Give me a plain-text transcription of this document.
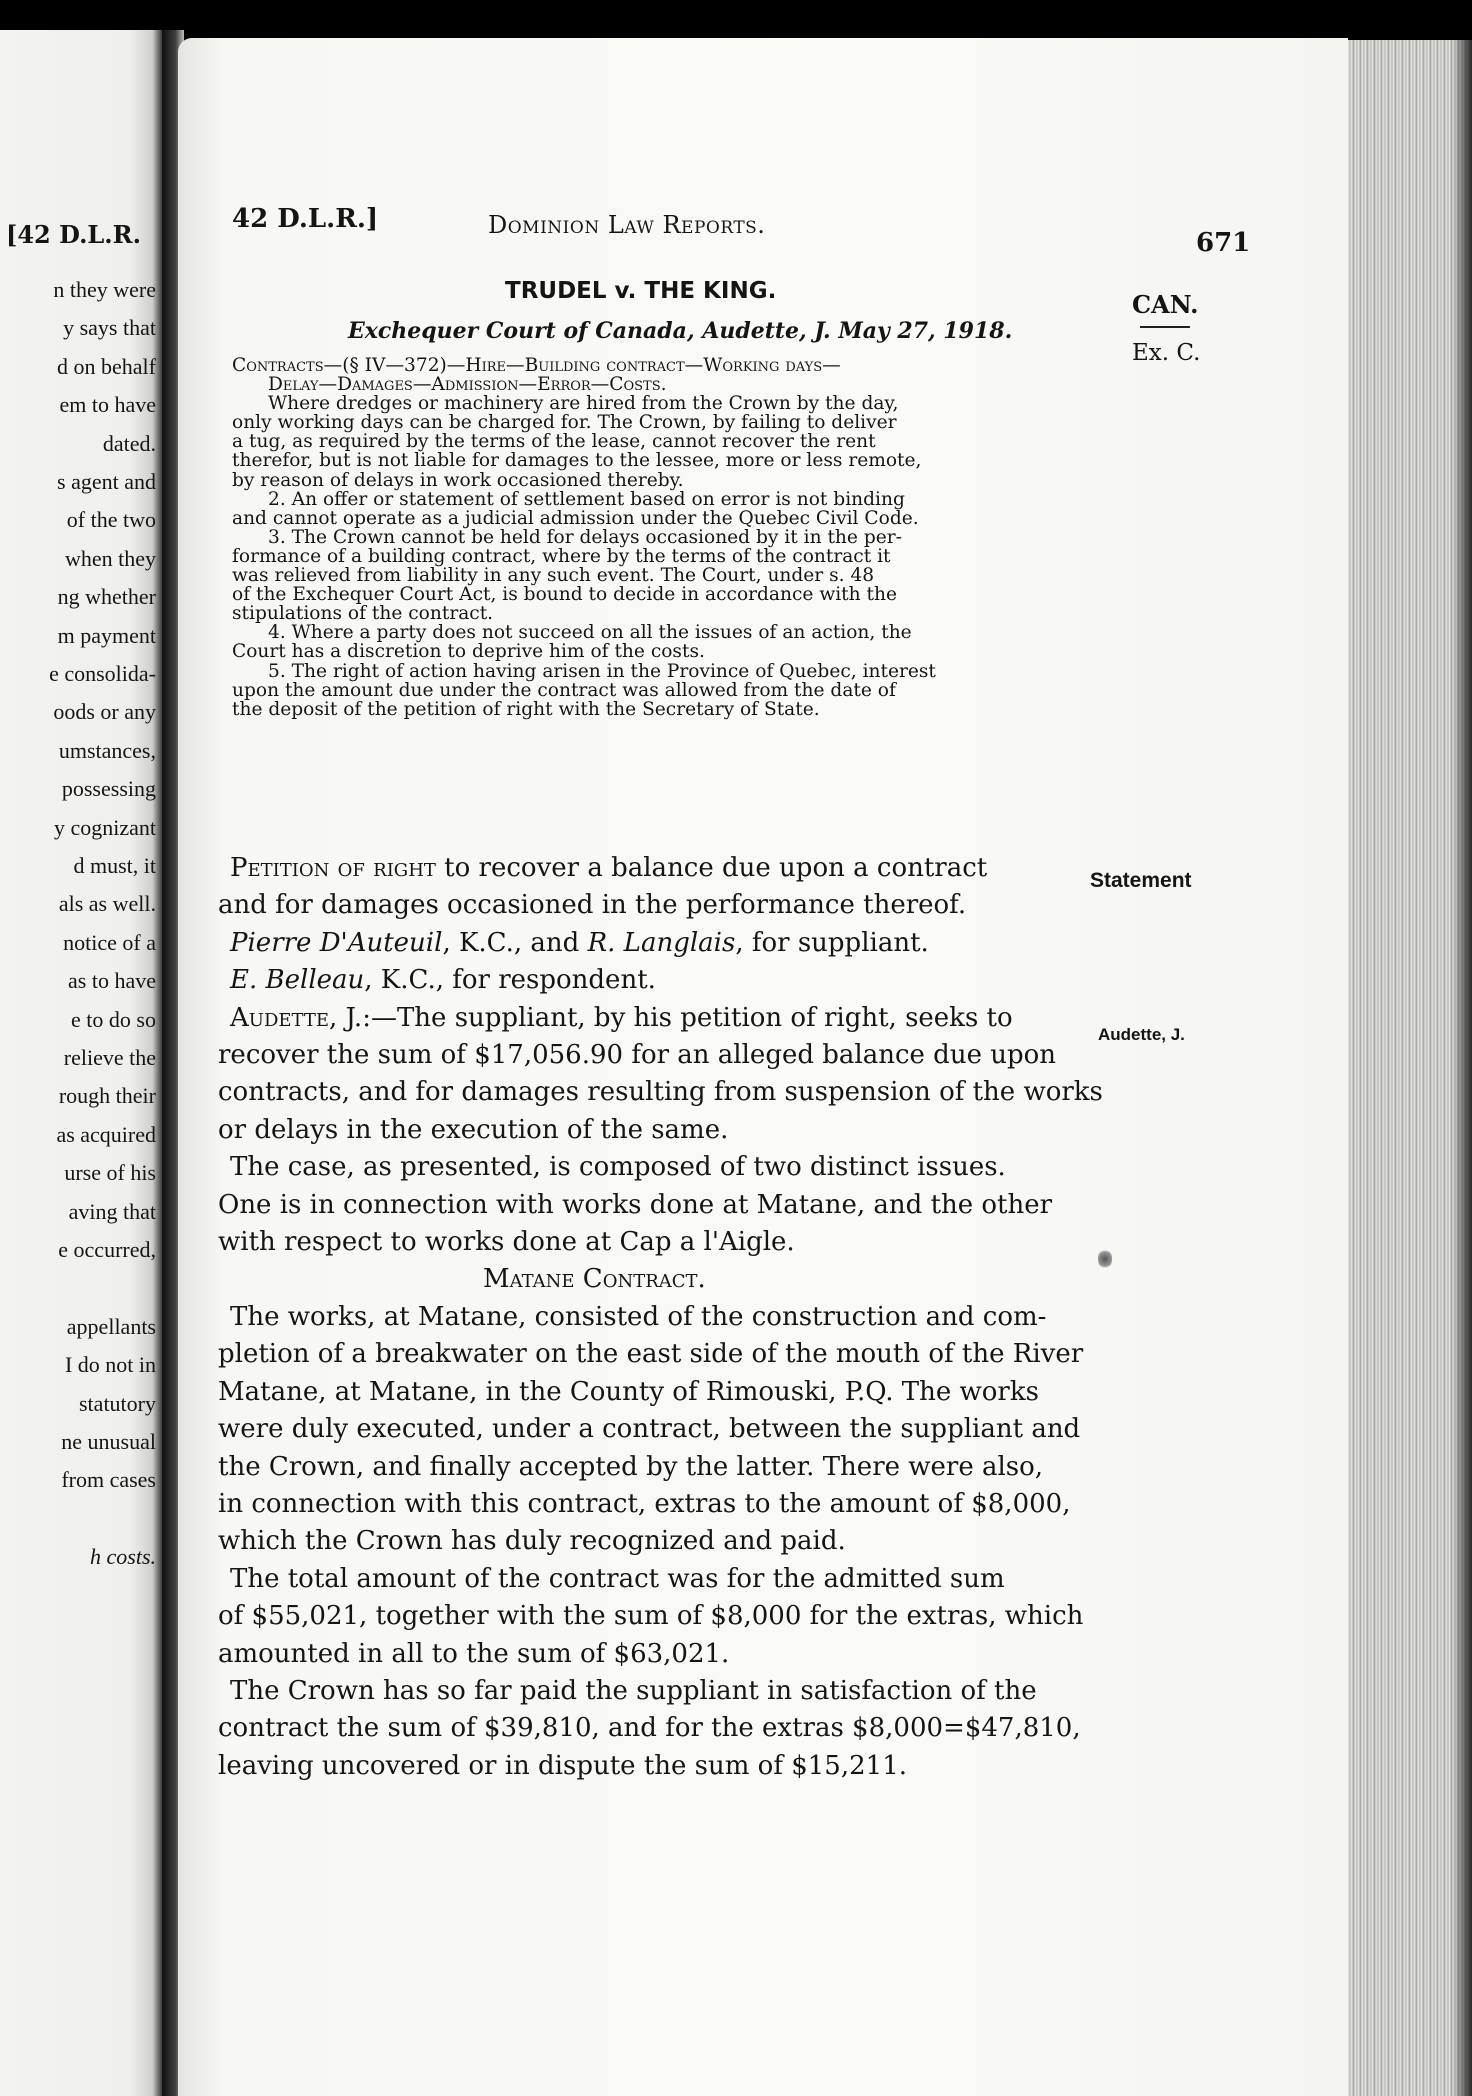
[42 D.L.R.
n they were
y says that
d on behalf
em to have
dated.
s agent and
of the two
when they
ng whether
m payment
e consolida-
oods or any
umstances,
possessing
y cognizant
d must, it
als as well.
notice of a
as to have
e to do so
relieve the
rough their
as acquired
urse of his
aving that
e occurred,
appellants
I do not in
statutory
ne unusual
from cases
h costs.
42 D.L.R.]	Dominion Law Reports.
671
TRUDEL v. THE KING.
Exchequer Court of Canada, Audette, J. May 27, 1918.
CAN.
Ex. C.
Contracts—(§ IV—372)—Hire—Building contract—Working days—
Delay—Damages—Admission—Error—Costs.
Where dredges or machinery are hired from the Crown by the day,
only working days can be charged for. The Crown, by failing to deliver
a tug, as required by the terms of the lease, cannot recover the rent
therefor, but is not liable for damages to the lessee, more or less remote,
by reason of delays in work occasioned thereby.
2. An offer or statement of settlement based on error is not binding
and cannot operate as a judicial admission under the Quebec Civil Code.
3. The Crown cannot be held for delays occasioned by it in the per-
formance of a building contract, where by the terms of the contract it
was relieved from liability in any such event. The Court, under s. 48
of the Exchequer Court Act, is bound to decide in accordance with the
stipulations of the contract.
4. Where a party does not succeed on all the issues of an action, the
Court has a discretion to deprive him of the costs.
5. The right of action having arisen in the Province of Quebec, interest
upon the amount due under the contract was allowed from the date of
the deposit of the petition of right with the Secretary of State.
Petition of right to recover a balance due upon a contract
and for damages occasioned in the performance thereof.
Pierre D'Auteuil, K.C., and R. Langlais, for suppliant.
E. Belleau, K.C., for respondent.
Audette, J.:—The suppliant, by his petition of right, seeks to
recover the sum of $17,056.90 for an alleged balance due upon
contracts, and for damages resulting from suspension of the works
or delays in the execution of the same.
The case, as presented, is composed of two distinct issues.
One is in connection with works done at Matane, and the other
with respect to works done at Cap a l'Aigle.
Matane Contract.
The works, at Matane, consisted of the construction and com-
pletion of a breakwater on the east side of the mouth of the River
Matane, at Matane, in the County of Rimouski, P.Q. The works
were duly executed, under a contract, between the suppliant and
the Crown, and finally accepted by the latter. There were also,
in connection with this contract, extras to the amount of $8,000,
which the Crown has duly recognized and paid.
The total amount of the contract was for the admitted sum
of $55,021, together with the sum of $8,000 for the extras, which
amounted in all to the sum of $63,021.
The Crown has so far paid the suppliant in satisfaction of the
contract the sum of $39,810, and for the extras $8,000=$47,810,
leaving uncovered or in dispute the sum of $15,211.
Statement
Audette, J.
